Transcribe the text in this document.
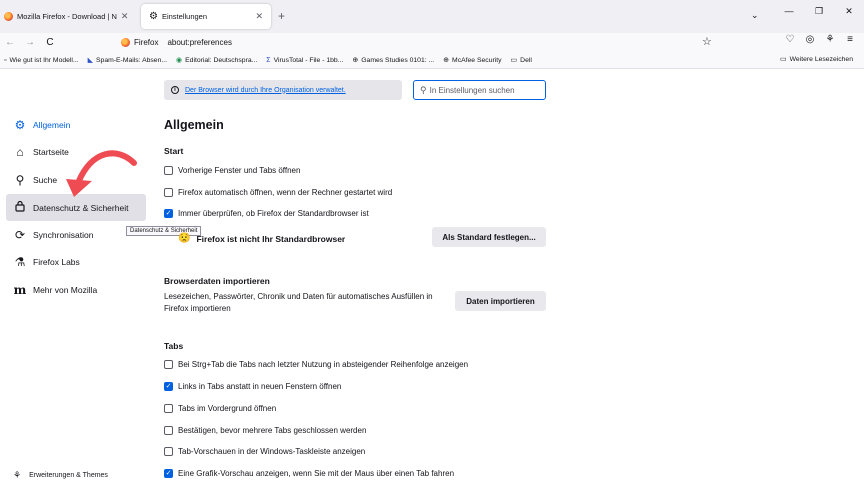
Mozilla Firefox - Download | N ✕ ⚙ Einstellungen	✕ +	⌄	—	❐	✕
←	→	C	Firefox about:preferences	☆	♡	◎	⚘	≡
▫ Wie gut ist Ihr Modell... ◣ Spam-E-Mails: Absen... ◉ Editorial: Deutschspra... Σ VirusTotal - File - 1bb... ⊕ Games Studies 0101: ... ⊕ McAfee Security ▭ Dell	▭ Weitere Lesezeichen
i	Der Browser wird durch Ihre Organisation verwaltet.	⚲ In Einstellungen suchen
⚙ Allgemein
⌂	Startseite
⚲	Suche
Datenschutz & Sicherheit
⟳ Synchronisation
⚗ Firefox Labs
m Mehr von Mozilla
⚘ Erweiterungen & Themes
Datenschutz & Sicherheit
Allgemein
Start
Vorherige Fenster und Tabs öffnen
Firefox automatisch öffnen, wenn der Rechner gestartet wird
✓ Immer überprüfen, ob Firefox der Standardbrowser ist
😟 Firefox ist nicht Ihr Standardbrowser	Als Standard festlegen...
Browserdaten importieren
Lesezeichen, Passwörter, Chronik und Daten für automatisches Ausfüllen in Firefox importieren
Daten importieren
Tabs
Bei Strg+Tab die Tabs nach letzter Nutzung in absteigender Reihenfolge anzeigen
✓ Links in Tabs anstatt in neuen Fenstern öffnen
Tabs im Vordergrund öffnen
Bestätigen, bevor mehrere Tabs geschlossen werden
Tab-Vorschauen in der Windows-Taskleiste anzeigen
✓ Eine Grafik-Vorschau anzeigen, wenn Sie mit der Maus über einen Tab fahren
